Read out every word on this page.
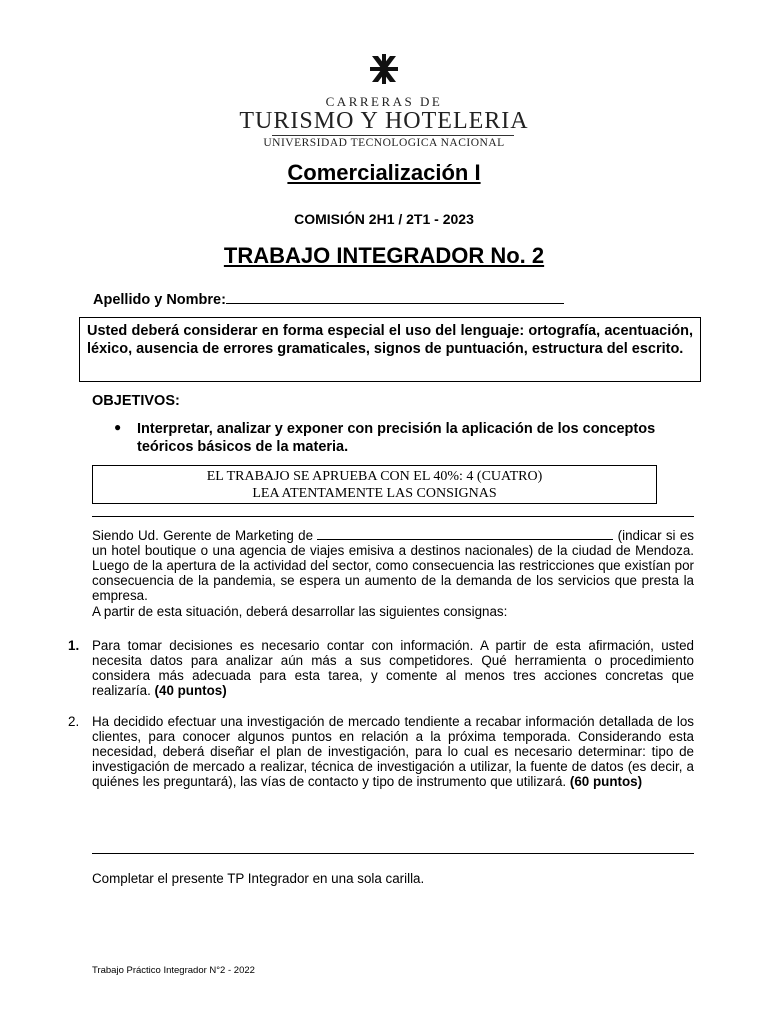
CARRERAS DE
TURISMO Y HOTELERIA
UNIVERSIDAD TECNOLOGICA NACIONAL
Comercialización I
COMISIÓN 2H1 / 2T1 - 2023
TRABAJO INTEGRADOR No. 2
Apellido y Nombre:
Usted deberá considerar en forma especial el uso del lenguaje: ortografía, acentuación, léxico, ausencia de errores gramaticales, signos de puntuación, estructura del escrito.
OBJETIVOS:
● Interpretar, analizar y exponer con precisión la aplicación de los conceptos teóricos básicos de la materia.
EL TRABAJO SE APRUEBA CON EL 40%: 4 (CUATRO)
LEA ATENTAMENTE LAS CONSIGNAS
Siendo Ud. Gerente de Marketing de	(indicar si es un hotel boutique o una agencia de viajes emisiva a destinos nacionales) de la ciudad de Mendoza. Luego de la apertura de la actividad del sector, como consecuencia las restricciones que existían por consecuencia de la pandemia, se espera un aumento de la demanda de los servicios que presta la empresa.
A partir de esta situación, deberá desarrollar las siguientes consignas:
1. Para tomar decisiones es necesario contar con información. A partir de esta afirmación, usted necesita datos para analizar aún más a sus competidores. Qué herramienta o procedimiento considera más adecuada para esta tarea, y comente al menos tres acciones concretas que realizaría. (40 puntos)
2. Ha decidido efectuar una investigación de mercado tendiente a recabar información detallada de los clientes, para conocer algunos puntos en relación a la próxima temporada. Considerando esta necesidad, deberá diseñar el plan de investigación, para lo cual es necesario determinar: tipo de investigación de mercado a realizar, técnica de investigación a utilizar, la fuente de datos (es decir, a quiénes les preguntará), las vías de contacto y tipo de instrumento que utilizará. (60 puntos)
Completar el presente TP Integrador en una sola carilla.
Trabajo Práctico Integrador N°2 - 2022
